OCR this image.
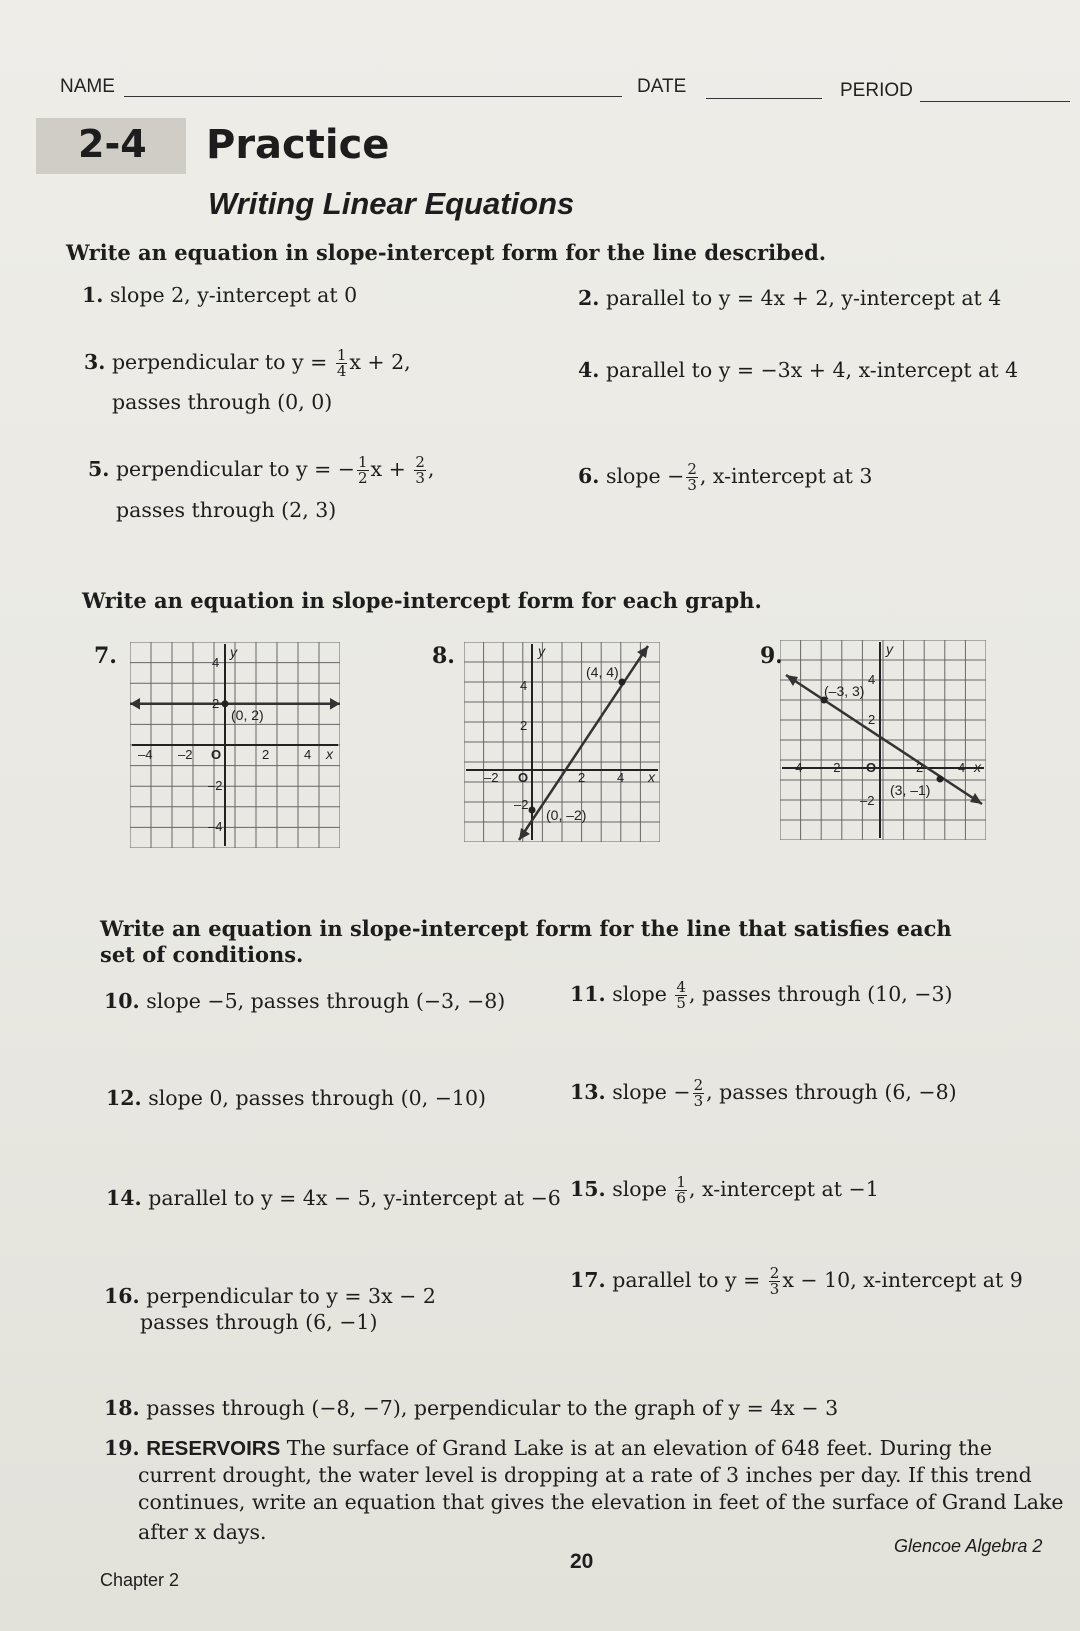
NAME	DATE	PERIOD
2-4 Practice
Writing Linear Equations
Write an equation in slope-intercept form for the line described.
1. slope 2, y-intercept at 0	2. parallel to y = 4x + 2, y-intercept at 4
3. perpendicular to $y = \frac{1}{4}$ x + 2,
passes through (0, 0)
4. parallel to y = −3x + 4, x-intercept at 4
5. perpendicular to y = − $\frac{1}{2}$ $x + \frac{2}{3}$ ,
passes through (2, 3)
6. slope − $\frac{2}{3}$ , x-intercept at 3
Write an equation in slope-intercept form for each graph.
7.
(0, 2)
x
y
–4 –2 O	2	4
4
2
–2
–4
8.
(4, 4)
(0, –2)
x
y
–2 O	2 4
4
2
–2
9.
(–3, 3)
(3, –1)
x
y
–4 –2 O	2	4
4
2
–2
Write an equation in slope-intercept form for the line that satisfies each set of conditions.
10. slope −5, passes through (−3, −8)	11. slope $\frac{4}{5}$ , passes through (10, −3)
12. slope 0, passes through (0, −10)	13. slope − $\frac{2}{3}$ , passes through (6, −8)
14. parallel to y = 4x − 5, y-intercept at −6 15. slope $\frac{1}{6}$ , x-intercept at −1
16. perpendicular to y = 3x − 2
passes through (6, −1)
17. parallel to $y = \frac{2}{3}$ x − 10, x-intercept at 9
18. passes through (−8, −7), perpendicular to the graph of y = 4x − 3
19. RESERVOIRS The surface of Grand Lake is at an elevation of 648 feet. During the
current drought, the water level is dropping at a rate of 3 inches per day. If this trend
continues, write an equation that gives the elevation in feet of the surface of Grand Lake
after x days.
Chapter 2
20
Glencoe Algebra 2
